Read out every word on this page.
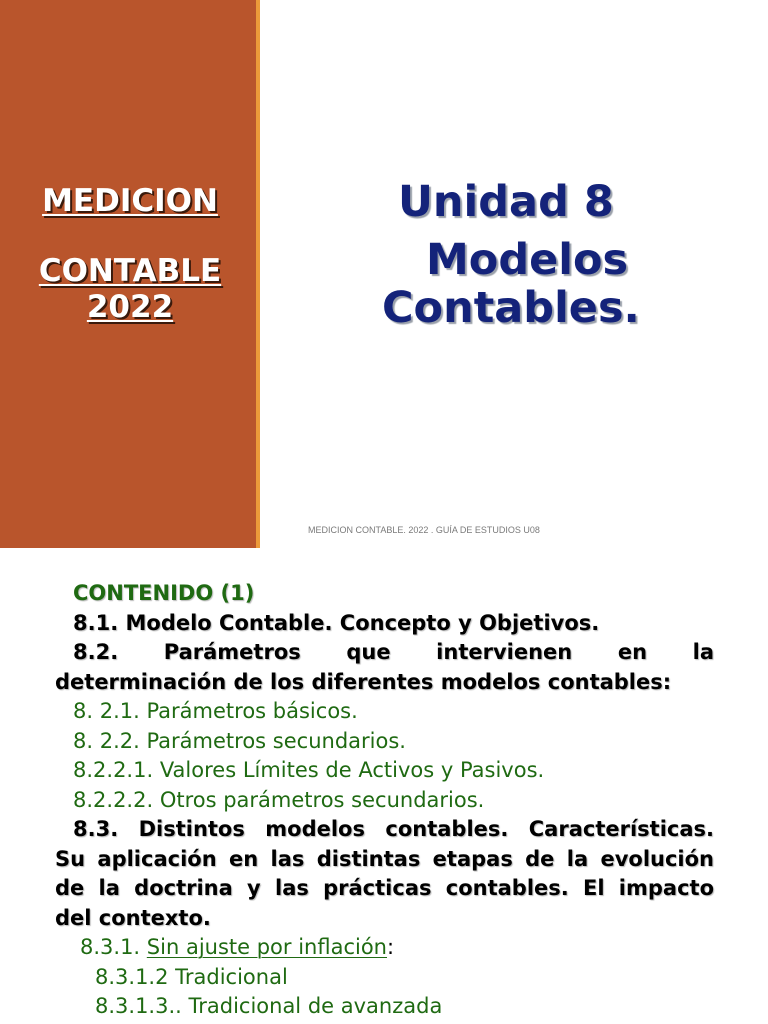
MEDICION
CONTABLE
2022
Unidad 8
Modelos
Contables.
MEDICION CONTABLE. 2022 . GUÍA DE ESTUDIOS U08
CONTENIDO (1)
8.1. Modelo Contable. Concepto y Objetivos.
8.2. Parámetros que intervienen en la
determinación de los diferentes modelos contables:
8. 2.1. Parámetros básicos.
8. 2.2. Parámetros secundarios.
8.2.2.1. Valores Límites de Activos y Pasivos.
8.2.2.2. Otros parámetros secundarios.
8.3. Distintos modelos contables. Características.
Su aplicación en las distintas etapas de la evolución
de la doctrina y las prácticas contables. El impacto
del contexto.
8.3.1. Sin ajuste por inflación:
8.3.1.2 Tradicional
8.3.1.3.. Tradicional de avanzada
